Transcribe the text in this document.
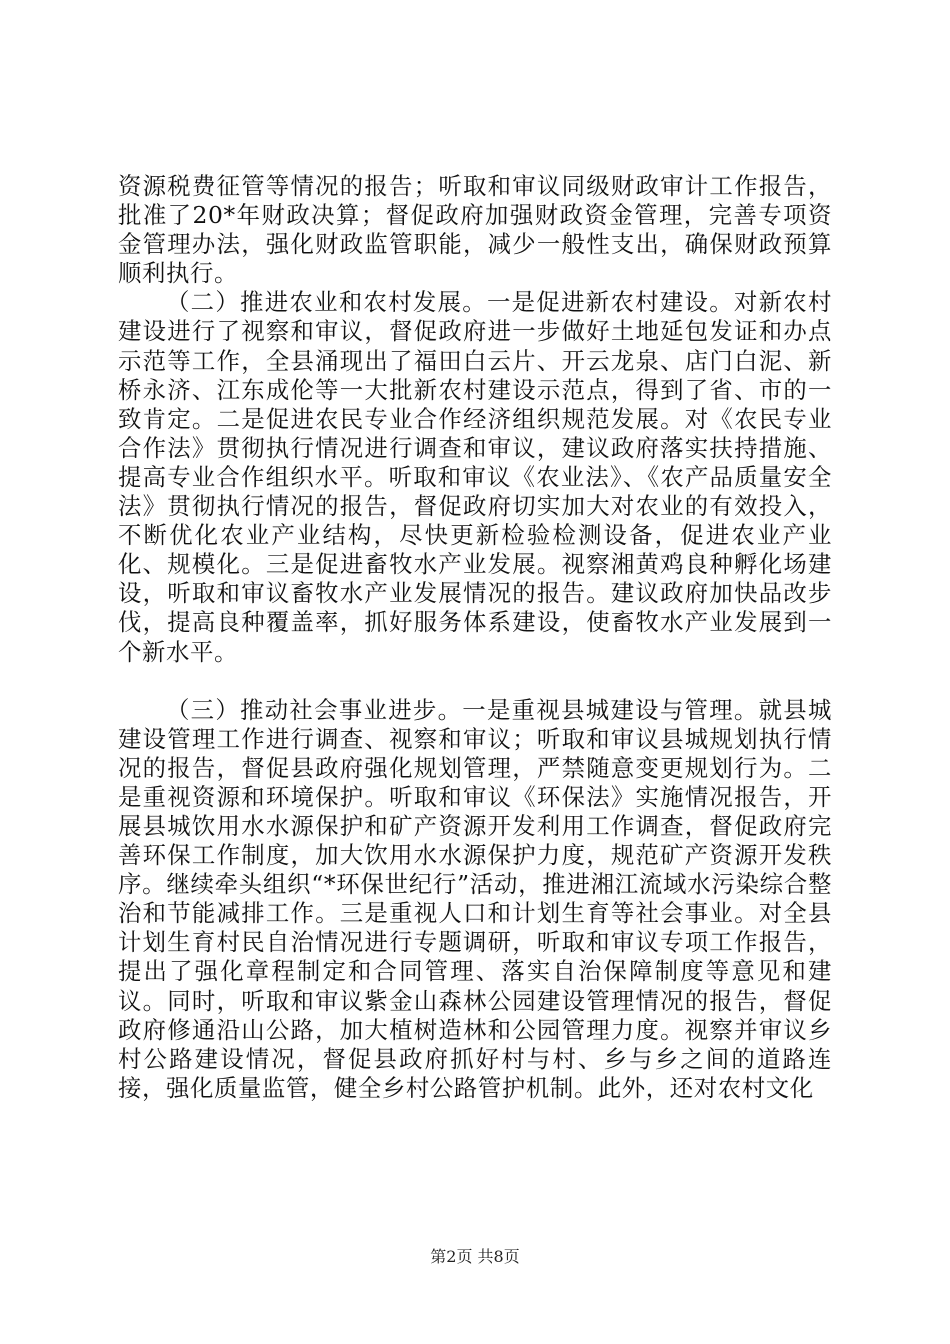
资源税费征管等情况的报告；听取和审议同级财政审计工作报告，批准了20*年财政决算；督促政府加强财政资金管理，完善专项资金管理办法，强化财政监管职能，减少一般性支出，确保财政预算顺利执行。

（二）推进农业和农村发展。一是促进新农村建设。对新农村建设进行了视察和审议，督促政府进一步做好土地延包发证和办点示范等工作，全县涌现出了福田白云片、开云龙泉、店门白泥、新桥永济、江东成伦等一大批新农村建设示范点，得到了省、市的一致肯定。二是促进农民专业合作经济组织规范发展。对《农民专业合作法》贯彻执行情况进行调查和审议，建议政府落实扶持措施、提高专业合作组织水平。听取和审议《农业法》、《农产品质量安全法》贯彻执行情况的报告，督促政府切实加大对农业的有效投入，不断优化农业产业结构，尽快更新检验检测设备，促进农业产业化、规模化。三是促进畜牧水产业发展。视察湘黄鸡良种孵化场建设，听取和审议畜牧水产业发展情况的报告。建议政府加快品改步伐，提高良种覆盖率，抓好服务体系建设，使畜牧水产业发展到一个新水平。

（三）推动社会事业进步。一是重视县城建设与管理。就县城建设管理工作进行调查、视察和审议；听取和审议县城规划执行情况的报告，督促县政府强化规划管理，严禁随意变更规划行为。二是重视资源和环境保护。听取和审议《环保法》实施情况报告，开展县城饮用水水源保护和矿产资源开发利用工作调查，督促政府完善环保工作制度，加大饮用水水源保护力度，规范矿产资源开发秩序。继续牵头组织“*环保世纪行”活动，推进湘江流域水污染综合整治和节能减排工作。三是重视人口和计划生育等社会事业。对全县计划生育村民自治情况进行专题调研，听取和审议专项工作报告，提出了强化章程制定和合同管理、落实自治保障制度等意见和建议。同时，听取和审议紫金山森林公园建设管理情况的报告，督促政府修通沿山公路，加大植树造林和公园管理力度。视察并审议乡村公路建设情况，督促县政府抓好村与村、乡与乡之间的道路连接，强化质量监管，健全乡村公路管护机制。此外，还对农村文化

第2页 共8页
